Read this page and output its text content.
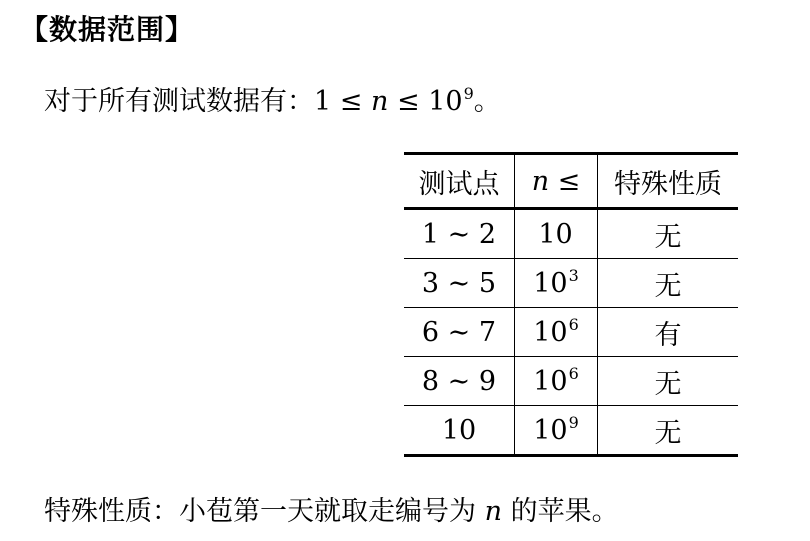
【数据范围】
对于所有测试数据有：$1 \le n \le 10^9$。
测试点	n ≤	特殊性质
1 ∼ 2	10	无
3 ∼ 5	$10^3$	无
6 ∼ 7	$10^6$	有
8 ∼ 9	$10^6$	无
10	$10^9$	无
特殊性质：小苞第一天就取走编号为 n 的苹果。
